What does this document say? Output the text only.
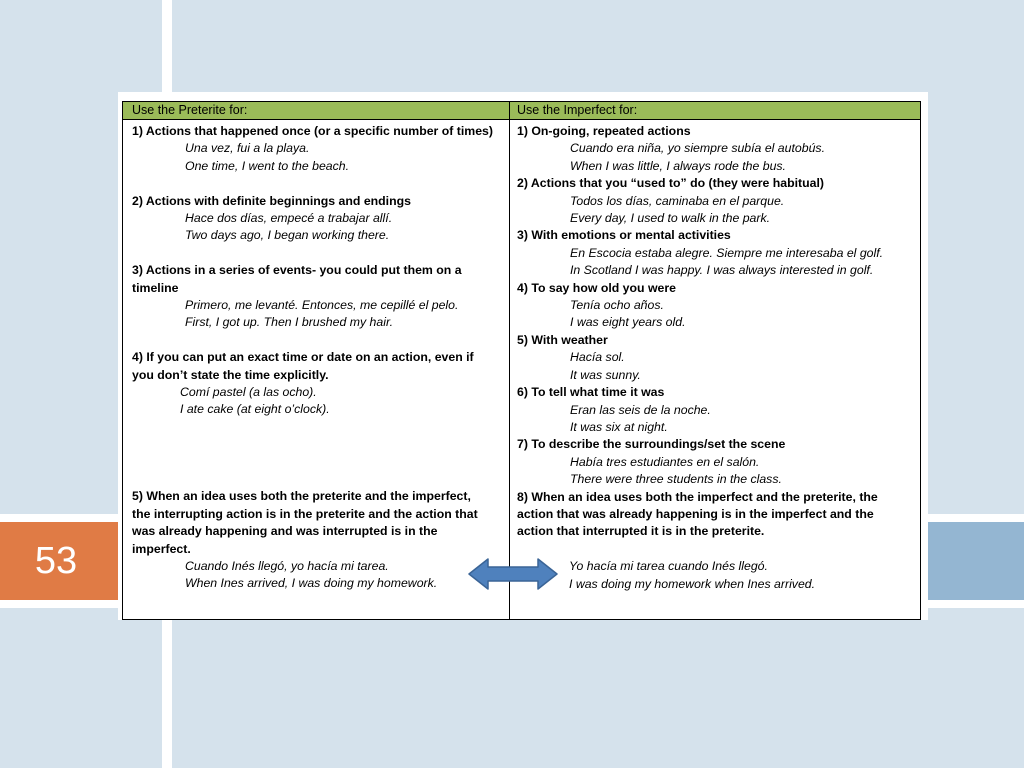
53
Use the Preterite for:	Use the Imperfect for:
1) Actions that happened once (or a specific number of times)
Una vez, fui a la playa.
One time, I went to the beach.
2) Actions with definite beginnings and endings
Hace dos días, empecé a trabajar allí.
Two days ago, I began working there.
3) Actions in a series of events- you could put them on a
timeline
Primero, me levanté. Entonces, me cepillé el pelo.
First, I got up. Then I brushed my hair.
4) If you can put an exact time or date on an action, even if
you don’t state the time explicitly.
Comí pastel (a las ocho).
I ate cake (at eight o’clock).
5) When an idea uses both the preterite and the imperfect,
the interrupting action is in the preterite and the action that
was already happening and was interrupted is in the
imperfect.
Cuando Inés llegó, yo hacía mi tarea.
When Ines arrived, I was doing my homework.
1) On-going, repeated actions
Cuando era niña, yo siempre subía el autobús.
When I was little, I always rode the bus.
2) Actions that you “used to” do (they were habitual)
Todos los días, caminaba en el parque.
Every day, I used to walk in the park.
3) With emotions or mental activities
En Escocia estaba alegre. Siempre me interesaba el golf.
In Scotland I was happy. I was always interested in golf.
4) To say how old you were
Tenía ocho años.
I was eight years old.
5) With weather
Hacía sol.
It was sunny.
6) To tell what time it was
Eran las seis de la noche.
It was six at night.
7) To describe the surroundings/set the scene
Había tres estudiantes en el salón.
There were three students in the class.
8) When an idea uses both the imperfect and the preterite, the
action that was already happening is in the imperfect and the
action that interrupted it is in the preterite.
Yo hacía mi tarea cuando Inés llegó.
I was doing my homework when Ines arrived.
